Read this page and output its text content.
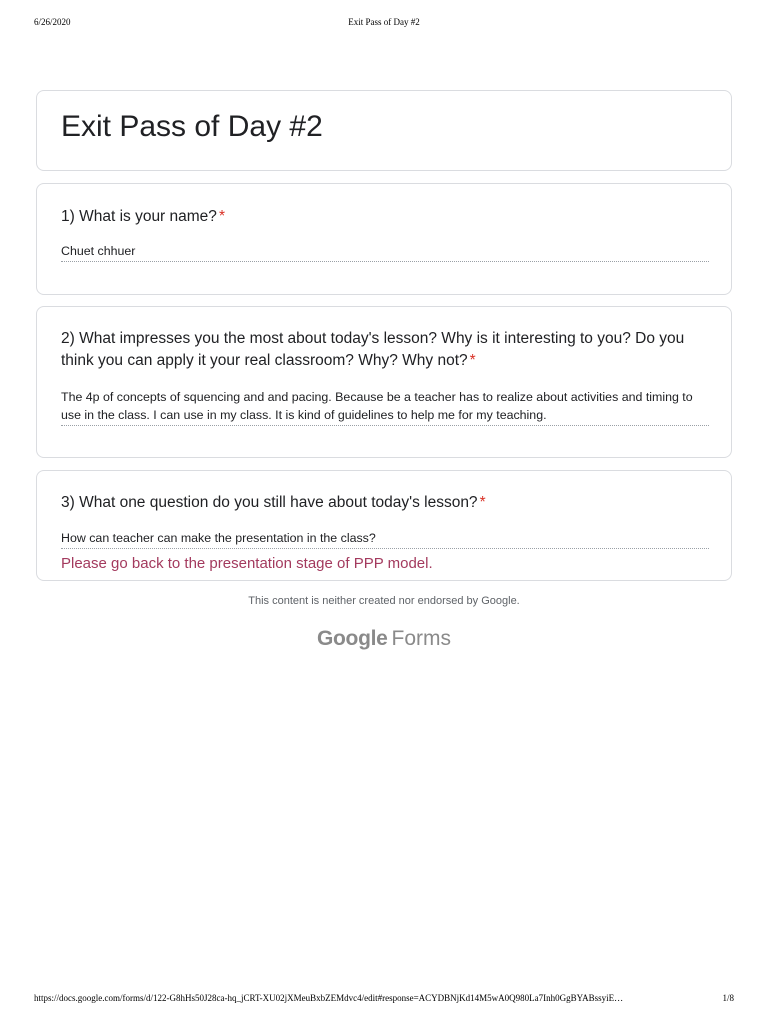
6/26/2020	Exit Pass of Day #2
Exit Pass of Day #2
1) What is your name? *
Chuet chhuer
2) What impresses you the most about today's lesson? Why is it interesting to you? Do you think you can apply it your real classroom? Why? Why not? *
The 4p of concepts of squencing and and pacing. Because be a teacher has to realize about activities and timing to use in the class. I can use in my class. It is kind of guidelines to help me for my teaching.
3) What one question do you still have about today's lesson? *
How can teacher can make the presentation in the class?
Please go back to the presentation stage of PPP model.
This content is neither created nor endorsed by Google.
Google Forms
https://docs.google.com/forms/d/122-G8hHs50J28ca-hq_jCRT-XU02jXMeuBxbZEMdvc4/edit#response=ACYDBNjKd14M5wA0Q980La7Inh0GgBYABssyiE…	1/8
